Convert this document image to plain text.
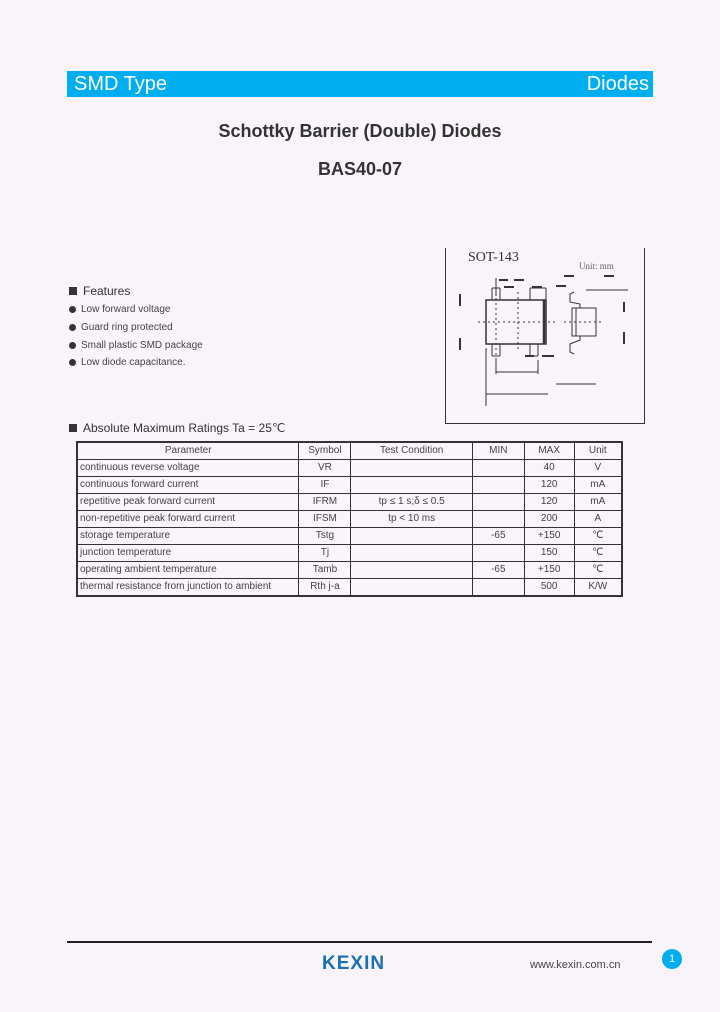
SMD Type	Diodes
Schottky Barrier (Double) Diodes
BAS40-07
SOT-143
Unit: mm
Features
Low forward voltage
Guard ring protected
Small plastic SMD package
Low diode capacitance.
Absolute Maximum Ratings Ta = 25℃
Parameter	Symbol	Test Condition	MIN	MAX	Unit
continuous reverse voltage	VR			40	V
continuous forward current	IF			120	mA
repetitive peak forward current	IFRM	tp ≤ 1 s;δ ≤ 0.5		120	mA
non-repetitive peak forward current	IFSM	tp < 10 ms		200	A
storage temperature	Tstg		-65	+150	℃
junction temperature	Tj			150	℃
operating ambient temperature	Tamb		-65	+150	℃
thermal resistance from junction to ambient	Rth j-a			500	K/W
KEXIN	www.kexin.com.cn	1
